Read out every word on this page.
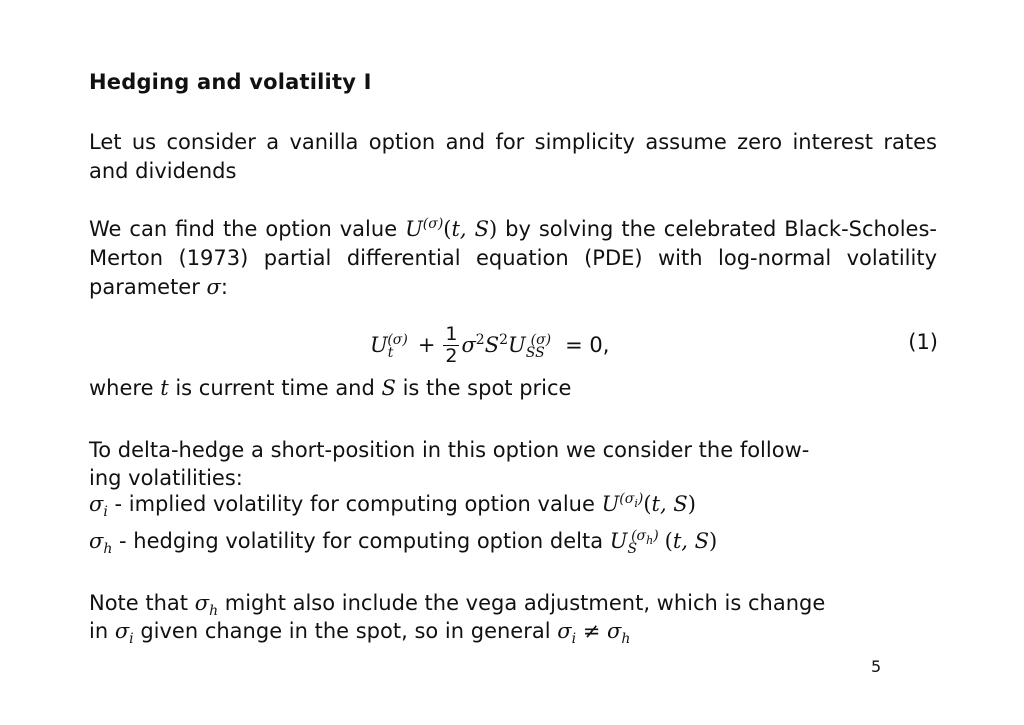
Hedging and volatility I
Let us consider a vanilla option and for simplicity assume zero interest rates and dividends
We can find the option value $U^{(\sigma)}(t$, S) by solving the celebrated Black-Scholes-Merton (1973) partial differential equation (PDE) with log-normal volatility parameter σ:
$U_t^{(\sigma)} + \frac{1}{2} \sigma^2S^2U_{SS}^{(\sigma)} = 0$,	(1)
where t is current time and S is the spot price
To delta-hedge a short-position in this option we consider the follow-
ing volatilities:
$\sigma_i$ - implied volatility for computing option value $U^{(\sigma_i)}(t$, S)
$\sigma_h$ - hedging volatility for computing option delta $U_S^{(\sigma_h)}$ (t, S)
Note that $\sigma_h$ might also include the vega adjustment, which is change
in $\sigma_i$ given change in the spot, so in general $\sigma_i \ne \sigma_h$
5
